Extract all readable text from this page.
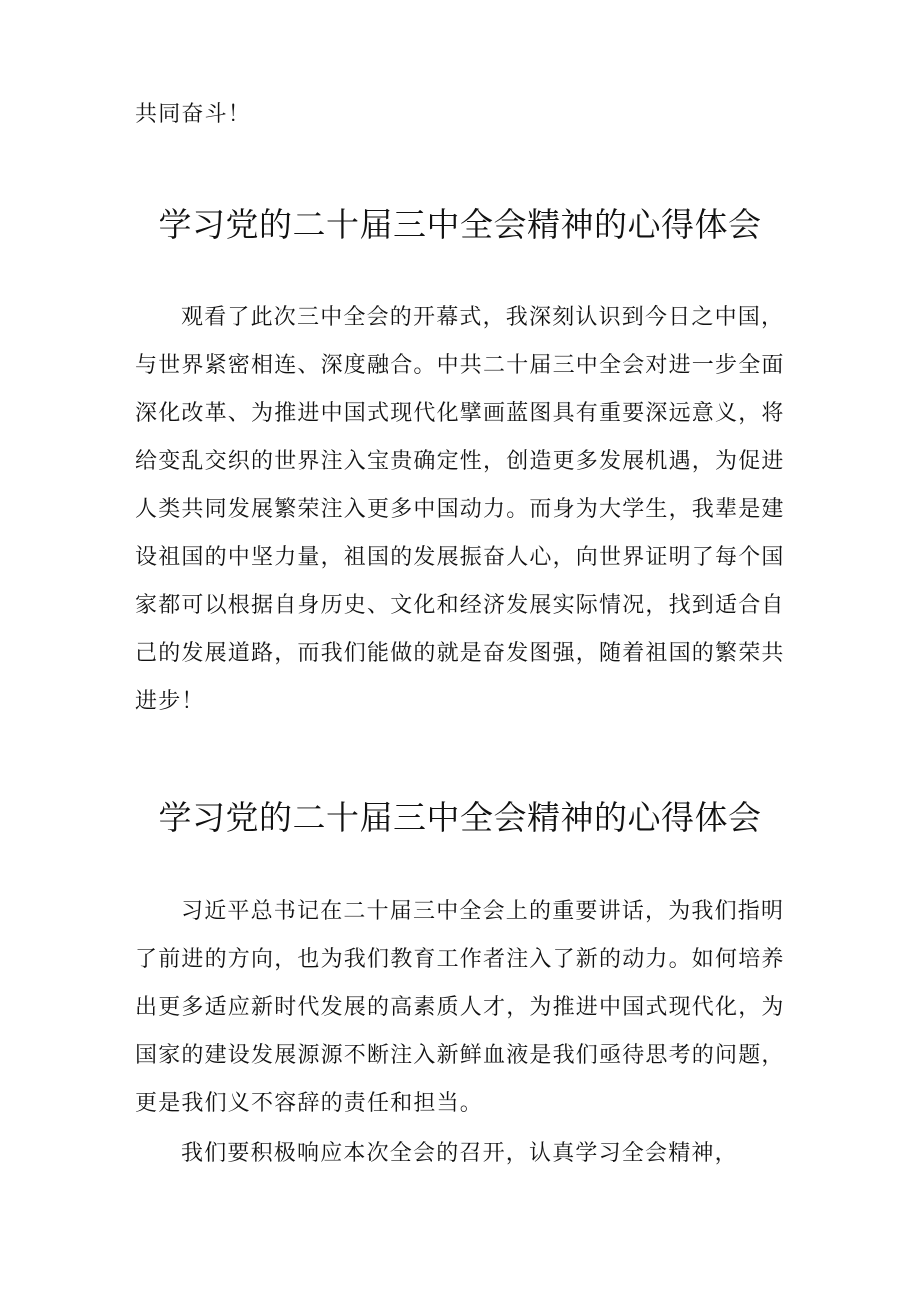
共同奋斗！
学习党的二十届三中全会精神的心得体会
观看了此次三中全会的开幕式，我深刻认识到今日之中国，
与世界紧密相连、深度融合。中共二十届三中全会对进一步全面
深化改革、为推进中国式现代化擘画蓝图具有重要深远意义，将
给变乱交织的世界注入宝贵确定性，创造更多发展机遇，为促进
人类共同发展繁荣注入更多中国动力。而身为大学生，我辈是建
设祖国的中坚力量，祖国的发展振奋人心，向世界证明了每个国
家都可以根据自身历史、文化和经济发展实际情况，找到适合自
己的发展道路，而我们能做的就是奋发图强，随着祖国的繁荣共
进步！
学习党的二十届三中全会精神的心得体会
习近平总书记在二十届三中全会上的重要讲话，为我们指明
了前进的方向，也为我们教育工作者注入了新的动力。如何培养
出更多适应新时代发展的高素质人才，为推进中国式现代化，为
国家的建设发展源源不断注入新鲜血液是我们亟待思考的问题，
更是我们义不容辞的责任和担当。
我们要积极响应本次全会的召开，认真学习全会精神，
